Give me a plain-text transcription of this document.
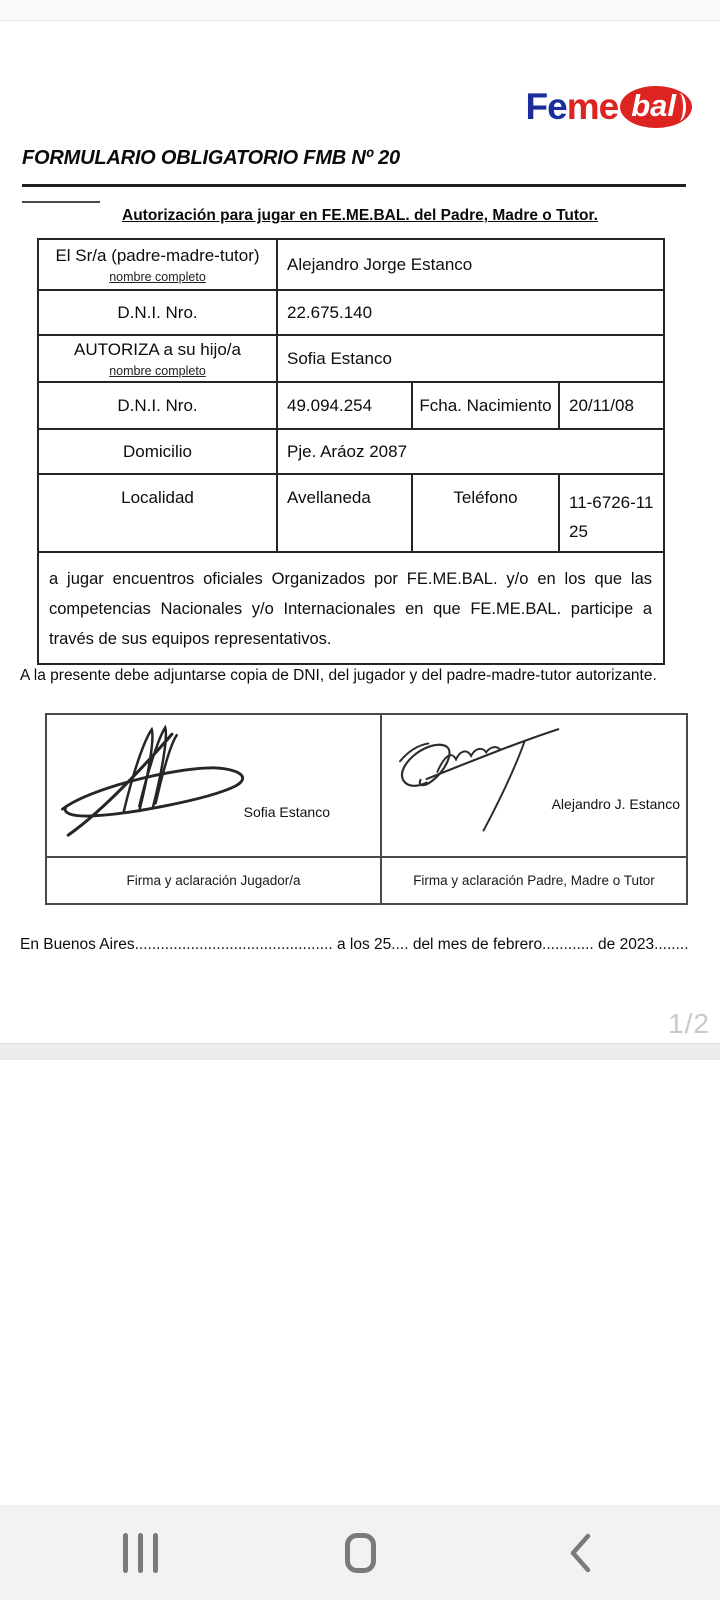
Fe me bal
FORMULARIO OBLIGATORIO FMB Nº 20
Autorización para jugar en FE.ME.BAL. del Padre, Madre o Tutor.
El Sr/a (padre-madre-tutor)
nombre completo	Alejandro Jorge Estanco		
D.N.I. Nro.	22.675.140		
AUTORIZA a su hijo/a
nombre completo	Sofia Estanco		
D.N.I. Nro.	49.094.254	Fcha. Nacimiento	20/11/08
Domicilio	Pje. Aráoz 2087		
Localidad	Avellaneda	Teléfono	11-6726-1125
a jugar encuentros oficiales Organizados por FE.ME.BAL. y/o en los que las competencias Nacionales y/o Internacionales en que FE.ME.BAL. participe a través de sus equipos representativos.			
A la presente debe adjuntarse copia de DNI, del jugador y del padre-madre-tutor autorizante.
Sofia Estanco	Alejandro J. Estanco
Firma y aclaración Jugador/a	Firma y aclaración Padre, Madre o Tutor
En Buenos Aires.............................................. a los 25.... del mes de febrero............ de 2023........
1/2
